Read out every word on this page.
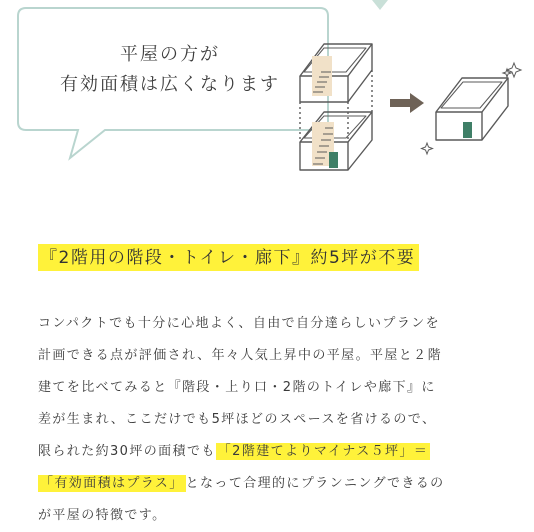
平屋の方が
有効面積は広くなります
『2階用の階段・トイレ・廊下』約5坪が不要
コンパクトでも十分に心地よく、自由で自分達らしいプランを
計画できる点が評価され、年々人気上昇中の平屋。平屋と２階
建てを比べてみると『階段・上り口・2階のトイレや廊下』に
差が生まれ、ここだけでも5坪ほどのスペースを省けるので、
限られた約30坪の面積でも 「2階建てよりマイナス５坪」＝
「有効面積はプラス」 となって合理的にプランニングできるの
が平屋の特徴です。
